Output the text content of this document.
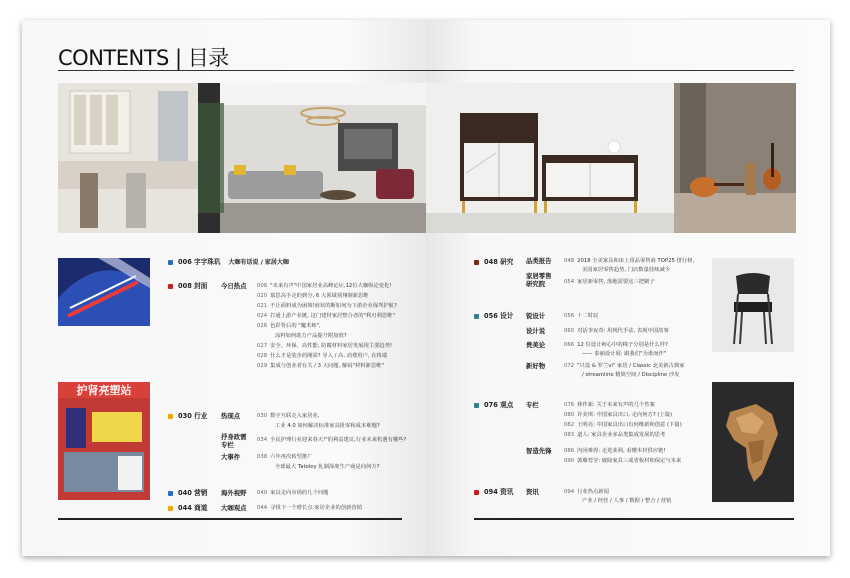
CONTENTS | 目录
护肾亮塑站
006 字字珠玑 大咖有话说 / 家居大咖
008 封面
030 行业
040 营销
044 商道
今日热点
热现点
抒身政需
专栏
大事件
海外视野
大咖观点
008 "未来有声"中国家居业高峰论坛,12位大咖纵论变化!
020 慕思高手走的到分, 6 大领域领翔制新思维
021 不让面料成为困境!液状的断如何为下游企业保驾护航?
024 打通上游产业链, 这门建材家居整合者的"利刃利思维"
026 色彩背后的 "魔术师",
涂料如何助力产品提升附加值?
027 安全、环保、高性能, 防腐材料家居发展现主要趋势!
028 什么才是装企的刚需? 导入 / 高, 消费用户, 在终端
029 集成与创业者有关 / 3 大问题, 解码"材料新思维"
030 数字互联走入家居业,
工业 4.0 如何解决标准家具批零和成本难题?
034 全民护理行业迎来春天!"的利益建议,行业未来机遇有哪些?
038 六年再次转型推广
全球最大 Tatoley 轧制深度生产商是向何方?
040 家具走向市场的几个问题
044 寻找下一个增长点:家居企业的创新营销
048 研究
056 设计
076 观点
094 资讯
品类报告
家居零售
研究院
锐设计
设计说
贵美论
新好物
专栏
智造先锋
资讯
048 2018 全美家具和床上用品零售商 TOP25 排行榜,
美国家居零售趋势, 门店数量持续减少
054 家居新零售, 落地需要这三把刷子
056 十二时辰
060 对话李夜奇: 用现代手法, 表现中国故事
066 12 位设计师心中的椅子分别是什么样?
—— 泰丽设计展: 跟我们"为谁而作"
072 "只设 & 罗兰vi" 家居 / Classic 北美新古典家
/ streamline 精简空间 / Discipline 沙发
076 林作新: 关于未来有声的几个答案
080 许美琪: 中国家具出口, 走向何方? (上篇)
082 王明亮: 中国家具出口有何维新和创意 (下篇)
083 道人: 家具企业多品类集成发展的思考
086 内闭难得: 走进莱利, 看懂木材供应链!
090 郭雁莺莹: 破除家具三成省板材和保定与未来
094 行业热点新闻
产业 / 经营 / 人事 / 数据 / 整合 / 营销
